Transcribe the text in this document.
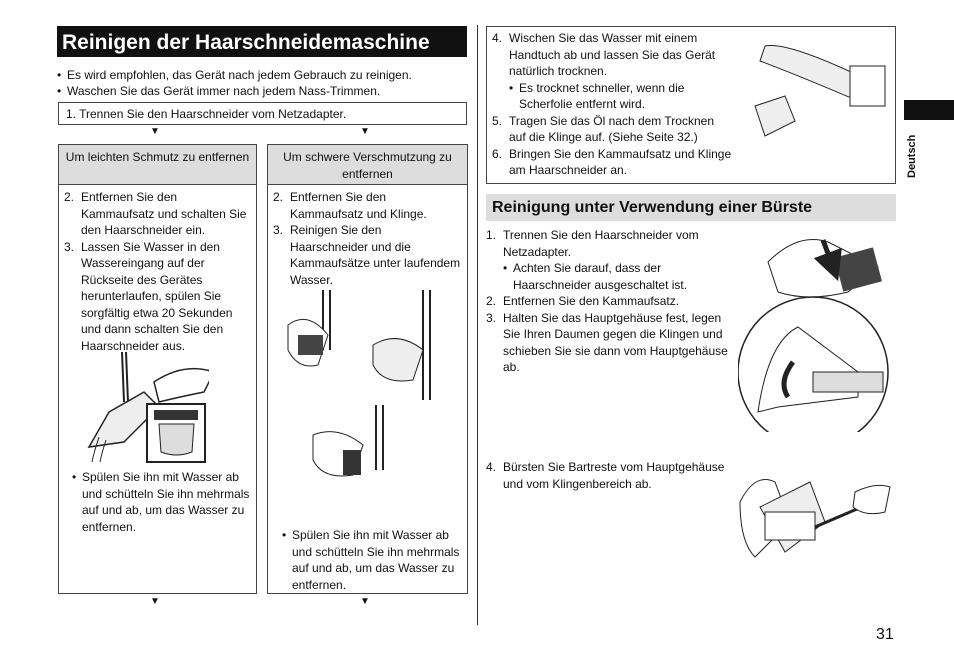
Reinigen der Haarschneidemaschine
• Es wird empfohlen, das Gerät nach jedem Gebrauch zu reinigen.
• Waschen Sie das Gerät immer nach jedem Nass-Trimmen.
1. Trennen Sie den Haarschneider vom Netzadapter.
▼	▼
Um leichten Schmutz zu entfernen
2. Entfernen Sie den Kammaufsatz und schalten Sie den Haarschneider ein.
3. Lassen Sie Wasser in den Wassereingang auf der Rückseite des Gerätes herunterlaufen, spülen Sie sorgfältig etwa 20 Sekunden und dann schalten Sie den Haarschneider aus.
• Spülen Sie ihn mit Wasser ab und schütteln Sie ihn mehrmals auf und ab, um das Wasser zu entfernen.
Um schwere Verschmutzung zu entfernen
2. Entfernen Sie den Kammaufsatz und Klinge.
3. Reinigen Sie den Haarschneider und die Kammaufsätze unter laufendem Wasser.
• Spülen Sie ihn mit Wasser ab und schütteln Sie ihn mehrmals auf und ab, um das Wasser zu entfernen.
▼	▼
4. Wischen Sie das Wasser mit einem Handtuch ab und lassen Sie das Gerät natürlich trocknen.
• Es trocknet schneller, wenn die Scherfolie entfernt wird.
5. Tragen Sie das Öl nach dem Trocknen auf die Klinge auf. (Siehe Seite 32.)
6. Bringen Sie den Kammaufsatz und Klinge am Haarschneider an.
Reinigung unter Verwendung einer Bürste
1. Trennen Sie den Haarschneider vom Netzadapter.
• Achten Sie darauf, dass der Haarschneider ausgeschaltet ist.
2. Entfernen Sie den Kammaufsatz.
3. Halten Sie das Hauptgehäuse fest, legen Sie Ihren Daumen gegen die Klingen und schieben Sie sie dann vom Hauptgehäuse ab.
4. Bürsten Sie Bartreste vom Hauptgehäuse und vom Klingenbereich ab.
Deutsch
31
